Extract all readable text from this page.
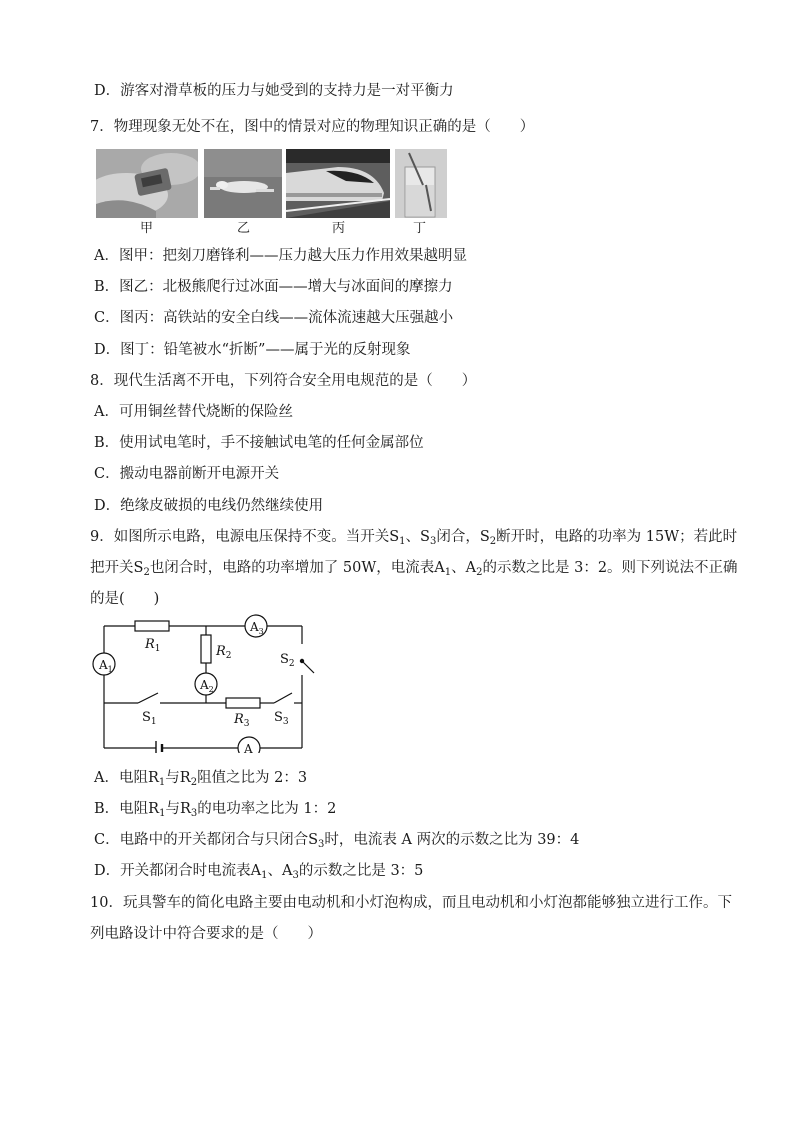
D．游客对滑草板的压力与她受到的支持力是一对平衡力
7．物理现象无处不在，图中的情景对应的物理知识正确的是（　　）
甲	乙	丙	丁
A．图甲：把刻刀磨锋利——压力越大压力作用效果越明显
B．图乙：北极熊爬行过冰面——增大与冰面间的摩擦力
C．图丙：高铁站的安全白线——流体流速越大压强越小
D．图丁：铅笔被水“折断”——属于光的反射现象
8．现代生活离不开电，下列符合安全用电规范的是（　　）
A．可用铜丝替代烧断的保险丝
B．使用试电笔时，手不接触试电笔的任何金属部位
C．搬动电器前断开电源开关
D．绝缘皮破损的电线仍然继续使用
9．如图所示电路，电源电压保持不变。当开关$S_1$、$S_3$闭合，$S_2$断开时，电路的功率为 15W；若此时
把开关$S_2$也闭合时，电路的功率增加了 50W，电流表$A_1$、$A_2$的示数之比是 3：2。则下列说法不正确
的是(　　)
$A_1$
$A_3$
$A_2$
A
$R_1$	$R_2$
$R_3$
$S_1$
$S_2$
$S_3$
A．电阻$R_1$与$R_2$阻值之比为 2：3
B．电阻$R_1$与$R_3$的电功率之比为 1：2
C．电路中的开关都闭合与只闭合$S_3$时，电流表 A 两次的示数之比为 39：4
D．开关都闭合时电流表$A_1$、$A_3$的示数之比是 3：5
10．玩具警车的简化电路主要由电动机和小灯泡构成，而且电动机和小灯泡都能够独立进行工作。下
列电路设计中符合要求的是（　　）
